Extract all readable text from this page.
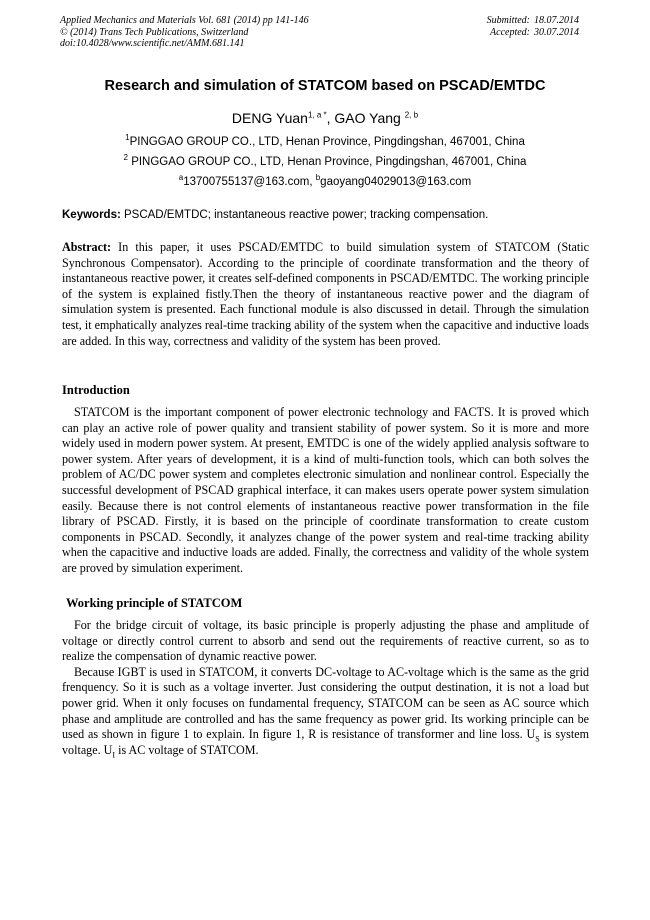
Applied Mechanics and Materials Vol. 681 (2014) pp 141-146
© (2014) Trans Tech Publications, Switzerland
doi:10.4028/www.scientific.net/AMM.681.141
Submitted: 18.07.2014
Accepted: 30.07.2014
Research and simulation of STATCOM based on PSCAD/EMTDC
DENG Yuan$^{1, a *}$, GAO Yang $^{2, b}$
$^1$PINGGAO GROUP CO., LTD, Henan Province, Pingdingshan, 467001, China
$^2$ PINGGAO GROUP CO., LTD, Henan Province, Pingdingshan, 467001, China
$^a$13700755137@163.com, $^b$gaoyang04029013@163.com
Keywords: PSCAD/EMTDC; instantaneous reactive power; tracking compensation.

Abstract: In this paper, it uses PSCAD/EMTDC to build simulation system of STATCOM (Static Synchronous Compensator). According to the principle of coordinate transformation and the theory of instantaneous reactive power, it creates self-defined components in PSCAD/EMTDC. The working principle of the system is explained fistly.Then the theory of instantaneous reactive power and the diagram of simulation system is presented. Each functional module is also discussed in detail. Through the simulation test, it emphatically analyzes real-time tracking ability of the system when the capacitive and inductive loads are added. In this way, correctness and validity of the system has been proved.

Introduction

STATCOM is the important component of power electronic technology and FACTS. It is proved which can play an active role of power quality and transient stability of power system. So it is more and more widely used in modern power system. At present, EMTDC is one of the widely applied analysis software to power system. After years of development, it is a kind of multi-function tools, which can both solves the problem of AC/DC power system and completes electronic simulation and nonlinear control. Especially the successful development of PSCAD graphical interface, it can makes users operate power system simulation easily. Because there is not control elements of instantaneous reactive power transformation in the file library of PSCAD. Firstly, it is based on the principle of coordinate transformation to create custom components in PSCAD. Secondly, it analyzes change of the power system and real-time tracking ability when the capacitive and inductive loads are added. Finally, the correctness and validity of the whole system are proved by simulation experiment.

Working principle of STATCOM

For the bridge circuit of voltage, its basic principle is properly adjusting the phase and amplitude of voltage or directly control current to absorb and send out the requirements of reactive current, so as to realize the compensation of dynamic reactive power.

Because IGBT is used in STATCOM, it converts DC-voltage to AC-voltage which is the same as the grid frenquency. So it is such as a voltage inverter. Just considering the output destination, it is not a load but power grid. When it only focuses on fundamental frequency, STATCOM can be seen as AC source which phase and amplitude are controlled and has the same frequency as power grid. Its working principle can be used as shown in figure 1 to explain. In figure 1, R is resistance of transformer and line loss. $U_S$ is system voltage. $U_I$ is AC voltage of STATCOM.
